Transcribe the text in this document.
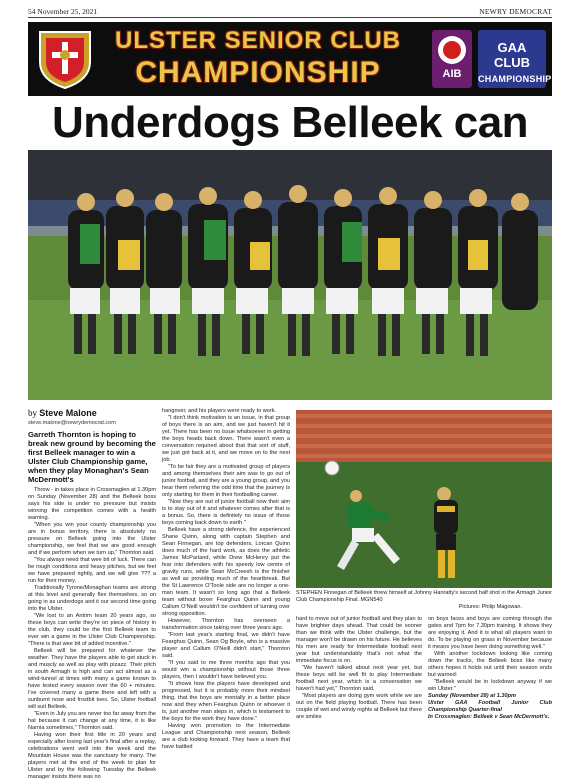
54 November 25, 2021	NEWRY DEMOCRAT
ULSTER SENIOR CLUB
CHAMPIONSHIP	AIB
GAA CLUB
CHAMPIONSHIPS
Underdogs Belleek can
by Steve Malone
steve.malone@newrydemocrat.com
Garreth Thornton is hoping to break new ground by becoming the first Belleek manager to win a Ulster Club Championship game, when they play Monaghan's Sean McDermott's

Throw - in takes place in Crossmaglen at 1.30pm on Sunday (November 28) and the Belleek boss says his side is under no pressure but insists winning the competition comes with a health warning.

"When you win your county championship you are in bonus territory, there is absolutely no pressure on Belleek going into the Ulster championship, we feel that we are good enough and if we perform when we turn up," Thornton said.

"You always need that wee bit of luck. There can be rough conditions and heavy pitches, but we feel we have prepared rightly, and we will give ??? a run for their money.

Traditionally Tyrone/Monaghan teams are strong at this level and generally flex themselves, so on going in as underdogs and it our second time going into the Ulster.

"We lost to an Antrim team 20 years ago, so these boys can write they're on piece of history in the club, they could be the first Belleek team to ever win a game in the Ulster Club Championship. "There is that wee bit of added incentive."

Belleek will be prepared for whatever the weather. They have the players able to get stuck in and muscly as well as play with pizazz. Their pitch in south Armagh is high and can act almost as a wind-tunnel at times with many a game known to have tested every season over the 60 + minutes. I've covered many a game there and left with a sunburnt nose and frostbit toes. So, Ulster football will suit Belleek.

"Even in July you are never too far away from the hat because it can change at any time, it is like Narnia sometimes," Thornton said.

Having won their first title in 20 years and especially after losing last year's final after a replay, celebrations went well into the week and the Mountain House was the sanctuary for many. The players met at the end of the week to plan for Ulster and by the following Tuesday the Belleek manager insists there was no

hangover, and his players were ready to work.

"I don't think motivation is an issue, in that group of boys there is an aim, and we just haven't hit it yet. There has been no issue whatsoever in getting the boys heads back down. There wasn't even a conversation required about that that sort of stuff, we just got back at it, and we move on to the next job.

"To be fair they are a motivated group of players and among themselves their aim was to go out of junior football, and they are a young group, and you hear them referring the odd time that the journey is only starting for them in their footballing career.

"Now they are out of junior football now their aim is to stay out of it and whatever comes after that is a bonus. So, there is definitely no issue of those boys coming back down to earth."

Belleek have a strong defence, the experienced Shane Quinn, along with captain Stephen and Sean Finnegan, are top defenders, Lorcan Quinn does much of the hard work, as does the athletic James McParland, while Drew McHenry put the fear into defenders with his speedy low centre of gravity runs, while Sean McCreesh is the finisher as well as providing much of the heartbreak. But the St Lawrence O'Toole side are no longer a one-man team. It wasn't so long ago that a Belleek team without boxer Fearghus Quinn and young Callum O'Neill wouldn't be confident of turning over strong opposition.

However, Thornton has overseen a transformation since taking over three years ago.

"From last year's starting final, we didn't have Fearghus Quinn, Sean Og Boyle, who is a massive player and Callum O'Neill didn't start," Thornton said.

"If you said to me three months ago that you would win a championship without those three players, then I wouldn't have believed you.

"It shows how the players have developed and progressed, but it is probably more their mindset thing, that the boys are mentally in a better place now and they when Fearghus Quinn or whoever it is, just another man steps in, which is testament to the boys for the work they have done."

Having won promotion to the Intermediate League and Championship next season, Belleek are a club looking forward. They have a team that have battled

STEPHEN Finnegan of Belleek threw himself at Johnny Hanratty's second half shot in the Armagh Junior Club Championship Final. MGN540
Pictures: Philip Magowan.

hard to move out of junior football and they plan to have brighter days ahead. That could be sooner than we think with the Ulster challenge, but the manager won't be drawn on his future. He believes his men are ready for Intermediate football next year but understandably that's not what the immediate focus is on.

"We haven't talked about next year yet, but these boys will be well fit to play Intermediate football next year, which is a conversation we haven't had yet," Thornton said.

"Most players are doing gym work while we are out on the field playing football. There has been couple of wet and windy nights at Belleek but there are smiles

on boys faces and boys are coming through the gates and 7pm for 7.30pm training. It shows they are enjoying it. And it is what all players want to do. To be playing on grass in November because it means you have been doing something well."

With another lockdown looking like coming down the tracks, the Belleek boss like many others hopes it holds out until their season ends but warned:

"Belleek would be in lockdown anyway if we win Ulster."

Sunday (November 28) at 1.30pm

Ulster GAA Football Junior Club Championship Quarter-final

In Crossmaglen: Belleek v Sean McDermott's.
